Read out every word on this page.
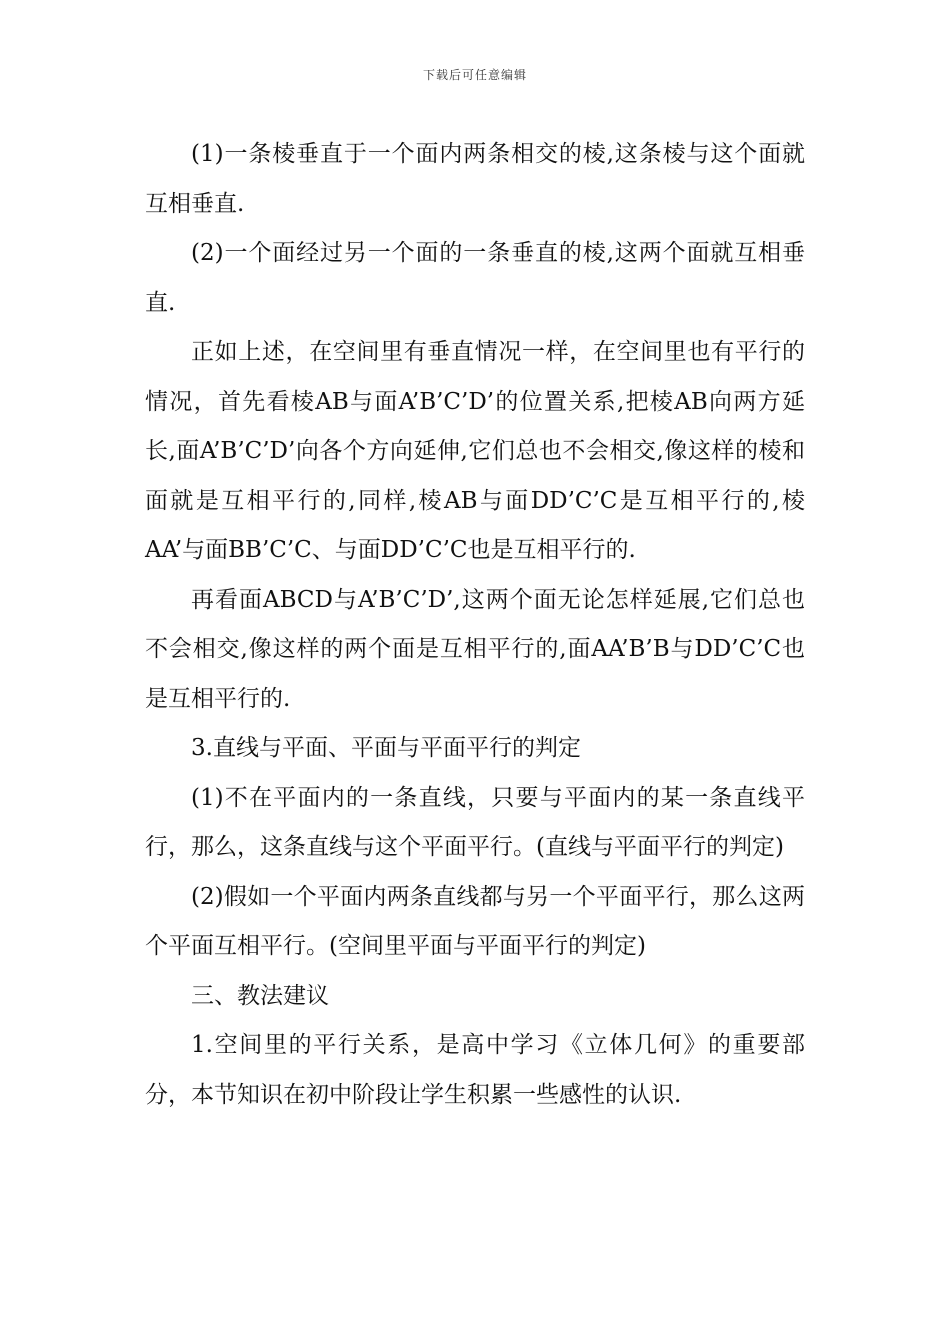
下载后可任意编辑

(1)一条棱垂直于一个面内两条相交的棱,这条棱与这个面就互相垂直.

(2)一个面经过另一个面的一条垂直的棱,这两个面就互相垂直.

正如上述，在空间里有垂直情况一样，在空间里也有平行的情况，首先看棱AB与面A’B’C’D’的位置关系,把棱AB向两方延长,面A’B’C’D’向各个方向延伸,它们总也不会相交,像这样的棱和面就是互相平行的,同样,棱AB与面DD’C’C是互相平行的,棱AA’与面BB’C’C、与面DD’C’C也是互相平行的.

再看面ABCD与A’B’C’D’,这两个面无论怎样延展,它们总也不会相交,像这样的两个面是互相平行的,面AA’B’B与DD’C’C也是互相平行的.

3.直线与平面、平面与平面平行的判定

(1)不在平面内的一条直线，只要与平面内的某一条直线平行，那么，这条直线与这个平面平行。(直线与平面平行的判定)

(2)假如一个平面内两条直线都与另一个平面平行，那么这两个平面互相平行。(空间里平面与平面平行的判定)

三、教法建议

1.空间里的平行关系，是高中学习《立体几何》的重要部分，本节知识在初中阶段让学生积累一些感性的认识.
